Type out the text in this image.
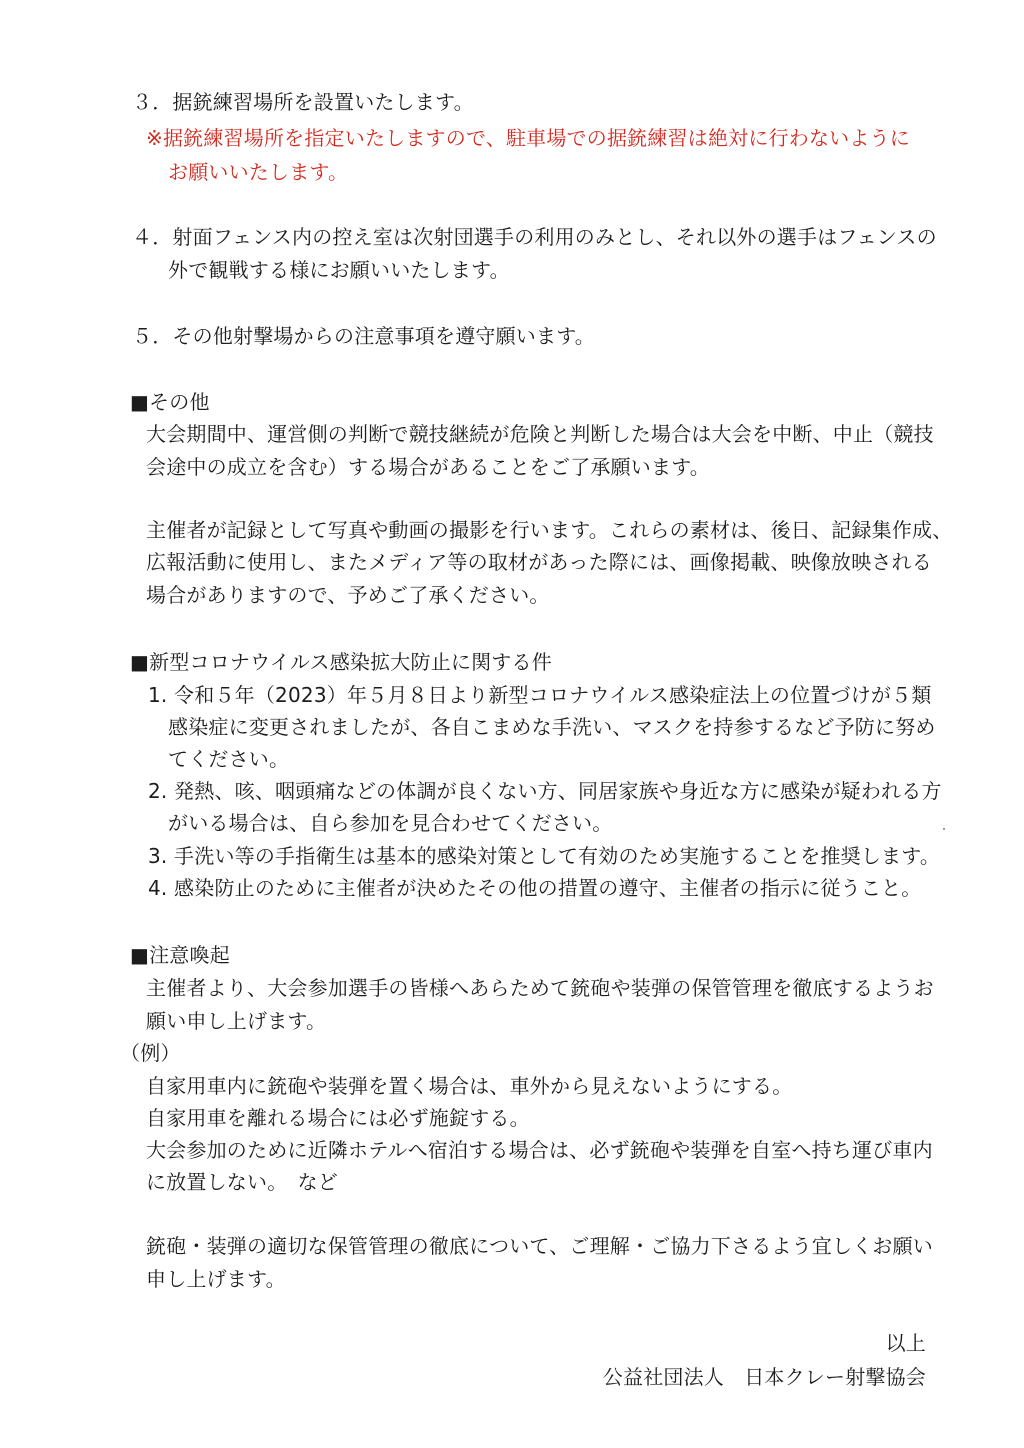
３．据銃練習場所を設置いたします。

※据銃練習場所を指定いたしますので、駐車場での据銃練習は絶対に行わないように

お願いいたします。

４．射面フェンス内の控え室は次射団選手の利用のみとし、それ以外の選手はフェンスの

外で観戦する様にお願いいたします。

５．その他射撃場からの注意事項を遵守願います。

■その他

大会期間中、運営側の判断で競技継続が危険と判断した場合は大会を中断、中止（競技

会途中の成立を含む）する場合があることをご了承願います。

主催者が記録として写真や動画の撮影を行います。これらの素材は、後日、記録集作成、

広報活動に使用し、またメディア等の取材があった際には、画像掲載、映像放映される

場合がありますので、予めご了承ください。

■新型コロナウイルス感染拡大防止に関する件

1. 令和５年（2023）年５月８日より新型コロナウイルス感染症法上の位置づけが５類

感染症に変更されましたが、各自こまめな手洗い、マスクを持参するなど予防に努め

てください。

2. 発熱、咳、咽頭痛などの体調が良くない方、同居家族や身近な方に感染が疑われる方

がいる場合は、自ら参加を見合わせてください。

3. 手洗い等の手指衛生は基本的感染対策として有効のため実施することを推奨します。

4. 感染防止のために主催者が決めたその他の措置の遵守、主催者の指示に従うこと。

■注意喚起

主催者より、大会参加選手の皆様へあらためて銃砲や装弾の保管管理を徹底するようお

願い申し上げます。

（例）

自家用車内に銃砲や装弾を置く場合は、車外から見えないようにする。

自家用車を離れる場合には必ず施錠する。

大会参加のために近隣ホテルへ宿泊する場合は、必ず銃砲や装弾を自室へ持ち運び車内

に放置しない。　など

銃砲・装弾の適切な保管管理の徹底について、ご理解・ご協力下さるよう宜しくお願い

申し上げます。

以上

公益社団法人　日本クレー射撃協会
